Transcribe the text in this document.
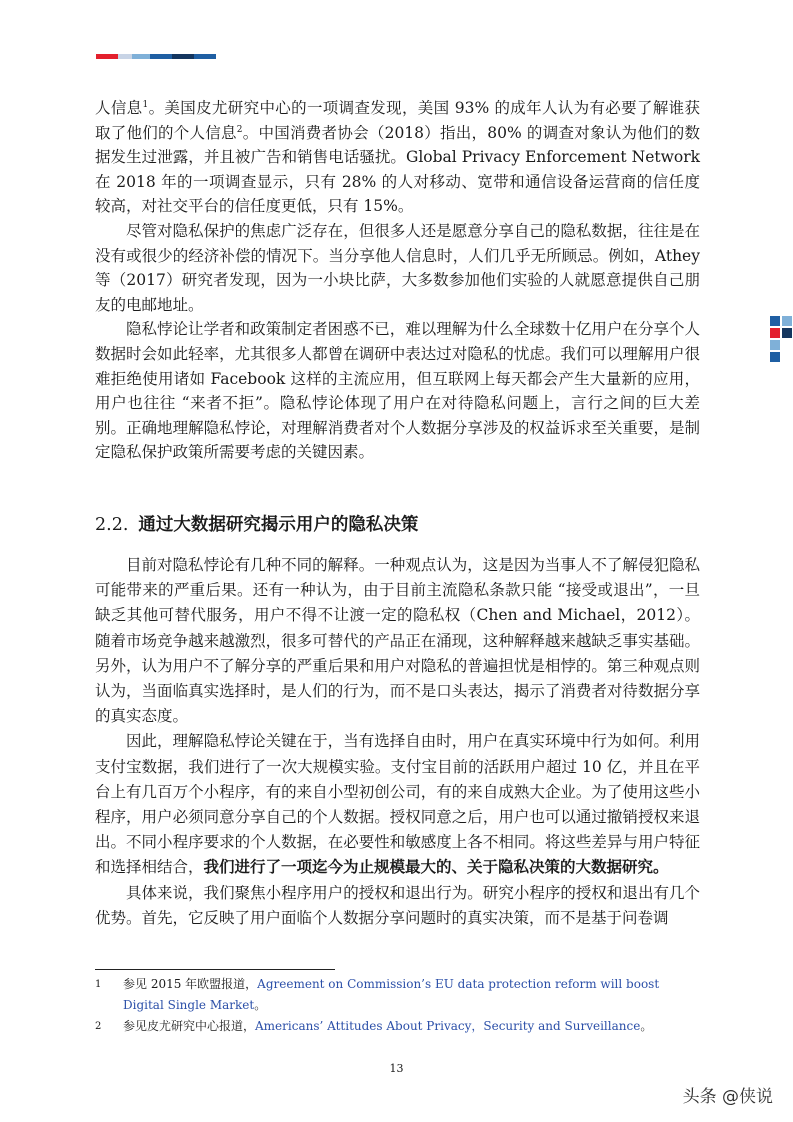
人信息$^1$。美国皮尤研究中心的一项调查发现，美国 93% 的成年人认为有必要了解谁获取了他们的个人信息$^2$。中国消费者协会（2018）指出，80% 的调查对象认为他们的数据发生过泄露，并且被广告和销售电话骚扰。Global Privacy Enforcement Network 在 2018 年的一项调查显示，只有 28% 的人对移动、宽带和通信设备运营商的信任度较高，对社交平台的信任度更低，只有 15%。

尽管对隐私保护的焦虑广泛存在，但很多人还是愿意分享自己的隐私数据，往往是在没有或很少的经济补偿的情况下。当分享他人信息时，人们几乎无所顾忌。例如，Athey 等（2017）研究者发现，因为一小块比萨，大多数参加他们实验的人就愿意提供自己朋友的电邮地址。

隐私悖论让学者和政策制定者困惑不已，难以理解为什么全球数十亿用户在分享个人数据时会如此轻率，尤其很多人都曾在调研中表达过对隐私的忧虑。我们可以理解用户很难拒绝使用诸如 Facebook 这样的主流应用，但互联网上每天都会产生大量新的应用，用户也往往 “来者不拒”。隐私悖论体现了用户在对待隐私问题上，言行之间的巨大差别。正确地理解隐私悖论，对理解消费者对个人数据分享涉及的权益诉求至关重要，是制定隐私保护政策所需要考虑的关键因素。

2.2. 通过大数据研究揭示用户的隐私决策

目前对隐私悖论有几种不同的解释。一种观点认为，这是因为当事人不了解侵犯隐私可能带来的严重后果。还有一种认为，由于目前主流隐私条款只能 “接受或退出”，一旦缺乏其他可替代服务，用户不得不让渡一定的隐私权（Chen and Michael，2012）。随着市场竞争越来越激烈，很多可替代的产品正在涌现，这种解释越来越缺乏事实基础。另外，认为用户不了解分享的严重后果和用户对隐私的普遍担忧是相悖的。第三种观点则认为，当面临真实选择时，是人们的行为，而不是口头表达，揭示了消费者对待数据分享的真实态度。

因此，理解隐私悖论关键在于，当有选择自由时，用户在真实环境中行为如何。利用支付宝数据，我们进行了一次大规模实验。支付宝目前的活跃用户超过 10 亿，并且在平台上有几百万个小程序，有的来自小型初创公司，有的来自成熟大企业。为了使用这些小程序，用户必须同意分享自己的个人数据。授权同意之后，用户也可以通过撤销授权来退出。不同小程序要求的个人数据，在必要性和敏感度上各不相同。将这些差异与用户特征和选择相结合，我们进行了一项迄今为止规模最大的、关于隐私决策的大数据研究。

具体来说，我们聚焦小程序用户的授权和退出行为。研究小程序的授权和退出有几个优势。首先，它反映了用户面临个人数据分享问题时的真实决策，而不是基于问卷调

1 参见 2015 年欧盟报道，Agreement on Commission’s EU data protection reform will boost Digital Single Market。
2 参见皮尤研究中心报道，Americans’ Attitudes About Privacy，Security and Surveillance。
13
头条 @侠说
